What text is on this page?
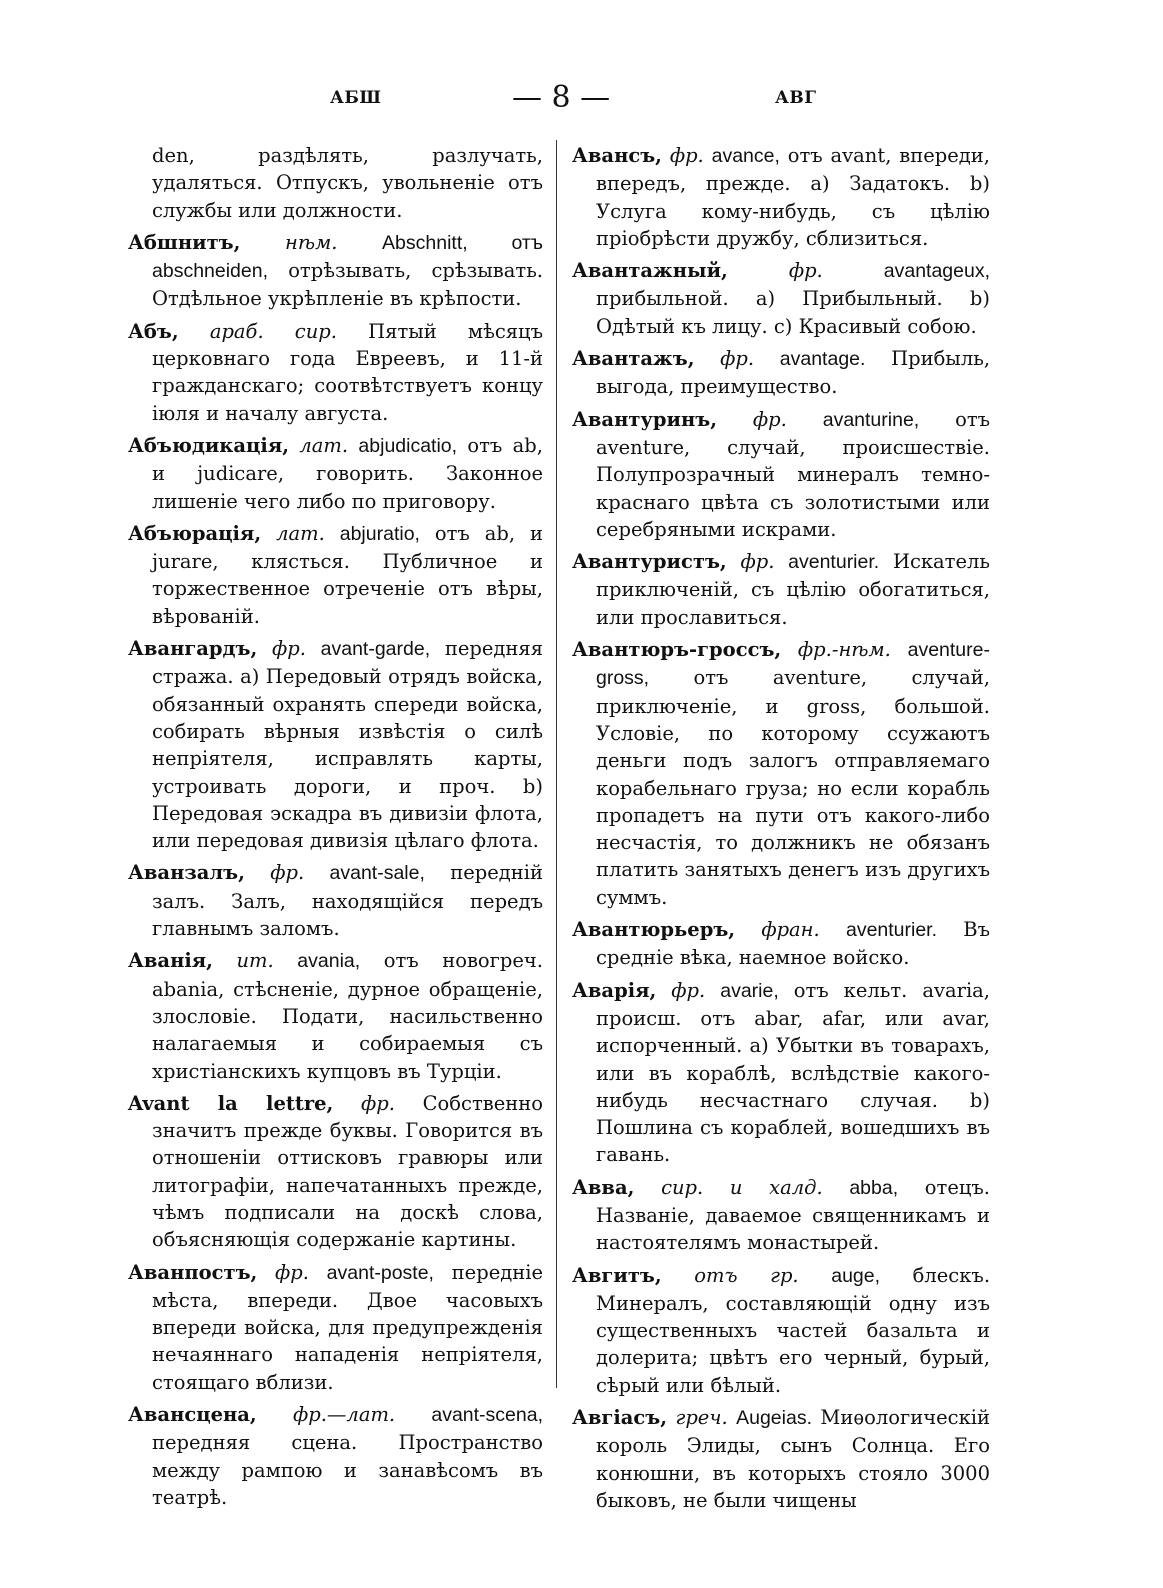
АБШ	— 8 —	АВГ

den, раздѣлять, разлучать, удаляться. Отпускъ, увольненіе отъ службы или должности.

Абшнитъ, нѣм. Abschnitt, отъ abschneiden, отрѣзывать, срѣзывать. Отдѣльное укрѣпленіе въ крѣпости.

Абъ, араб. сир. Пятый мѣсяцъ церковнаго года Евреевъ, и 11-й гражданскаго; соотвѣтствуетъ концу іюля и началу августа.

Абъюдикація, лат. abjudicatio, отъ ab, и judicare, говорить. Законное лишеніе чего либо по приговору.

Абъюрація, лат. abjuratio, отъ ab, и jurare, клясться. Публичное и торжественное отреченіе отъ вѣры, вѣрованій.

Авангардъ, фр. avant-garde, передняя стража. а) Передовый отрядъ войска, обязанный охранять спереди войска, собирать вѣрныя извѣстія о силѣ непріятеля, исправлять карты, устроивать дороги, и проч. b) Передовая эскадра въ дивизіи флота, или передовая дивизія цѣлаго флота.

Аванзалъ, фр. avant-sale, передній залъ. Залъ, находящійся передъ главнымъ заломъ.

Аванія, ит. avania, отъ новогреч. abania, стѣсненіе, дурное обращеніе, злословіе. Подати, насильственно налагаемыя и собираемыя съ христіанскихъ купцовъ въ Турціи.

Avant la lettre, фр. Собственно значитъ прежде буквы. Говорится въ отношеніи оттисковъ гравюры или литографіи, напечатанныхъ прежде, чѣмъ подписали на доскѣ слова, объясняющія содержаніе картины.

Аванпостъ, фр. avant-poste, передніе мѣста, впереди. Двое часовыхъ впереди войска, для предупрежденія нечаяннаго нападенія непріятеля, стоящаго вблизи.

Авансцена, фр.—лат. avant-scena, передняя сцена. Пространство между рампою и занавѣсомъ въ театрѣ.

Авансъ, фр. avance, отъ avant, впереди, впередъ, прежде. а) Задатокъ. b) Услуга кому-нибудь, съ цѣлію пріобрѣсти дружбу, сблизиться.

Авантажный,	фр.	avantageux, прибыльной. а) Прибыльный. b) Одѣтый къ лицу. с) Красивый собою.

Авантажъ, фр. avantage. Прибыль, выгода, преимущество.

Авантуринъ, фр. avanturine, отъ aventure, случай, происшествіе. Полупрозрачный минералъ темно-краснаго цвѣта съ золотистыми или серебряными искрами.

Авантуристъ, фр. aventurier. Искатель приключеній, съ цѣлію обогатиться, или прославиться.

Авантюръ-гроссъ, фр.-нѣм. aventure-gross, отъ aventure, случай, приключеніе, и gross, большой. Условіе, по которому ссужаютъ деньги подъ залогъ отправляемаго корабельнаго груза; но если корабль пропадетъ на пути отъ какого-либо несчастія, то должникъ не обязанъ платить занятыхъ денегъ изъ другихъ суммъ.

Авантюрьеръ, фран. aventurier. Въ средніе вѣка, наемное войско.

Аварія, фр. avarie, отъ кельт. avaria, происш. отъ abar, afar, или avar, испорченный. а) Убытки въ товарахъ, или въ кораблѣ, вслѣдствіе какого-нибудь несчастнаго случая. b) Пошлина съ кораблей, вошедшихъ въ гавань.

Авва, сир. и халд. abba, отецъ. Названіе, даваемое священникамъ и настоятелямъ монастырей.

Авгитъ, отъ гр. auge, блескъ. Минералъ, составляющій одну изъ существенныхъ частей базальта и долерита; цвѣтъ его черный, бурый, сѣрый или бѣлый.

Авгіасъ, греч. Augeias. Миѳологическій король Элиды, сынъ Солнца. Его конюшни, въ которыхъ стояло 3000 быковъ, не были чищены
